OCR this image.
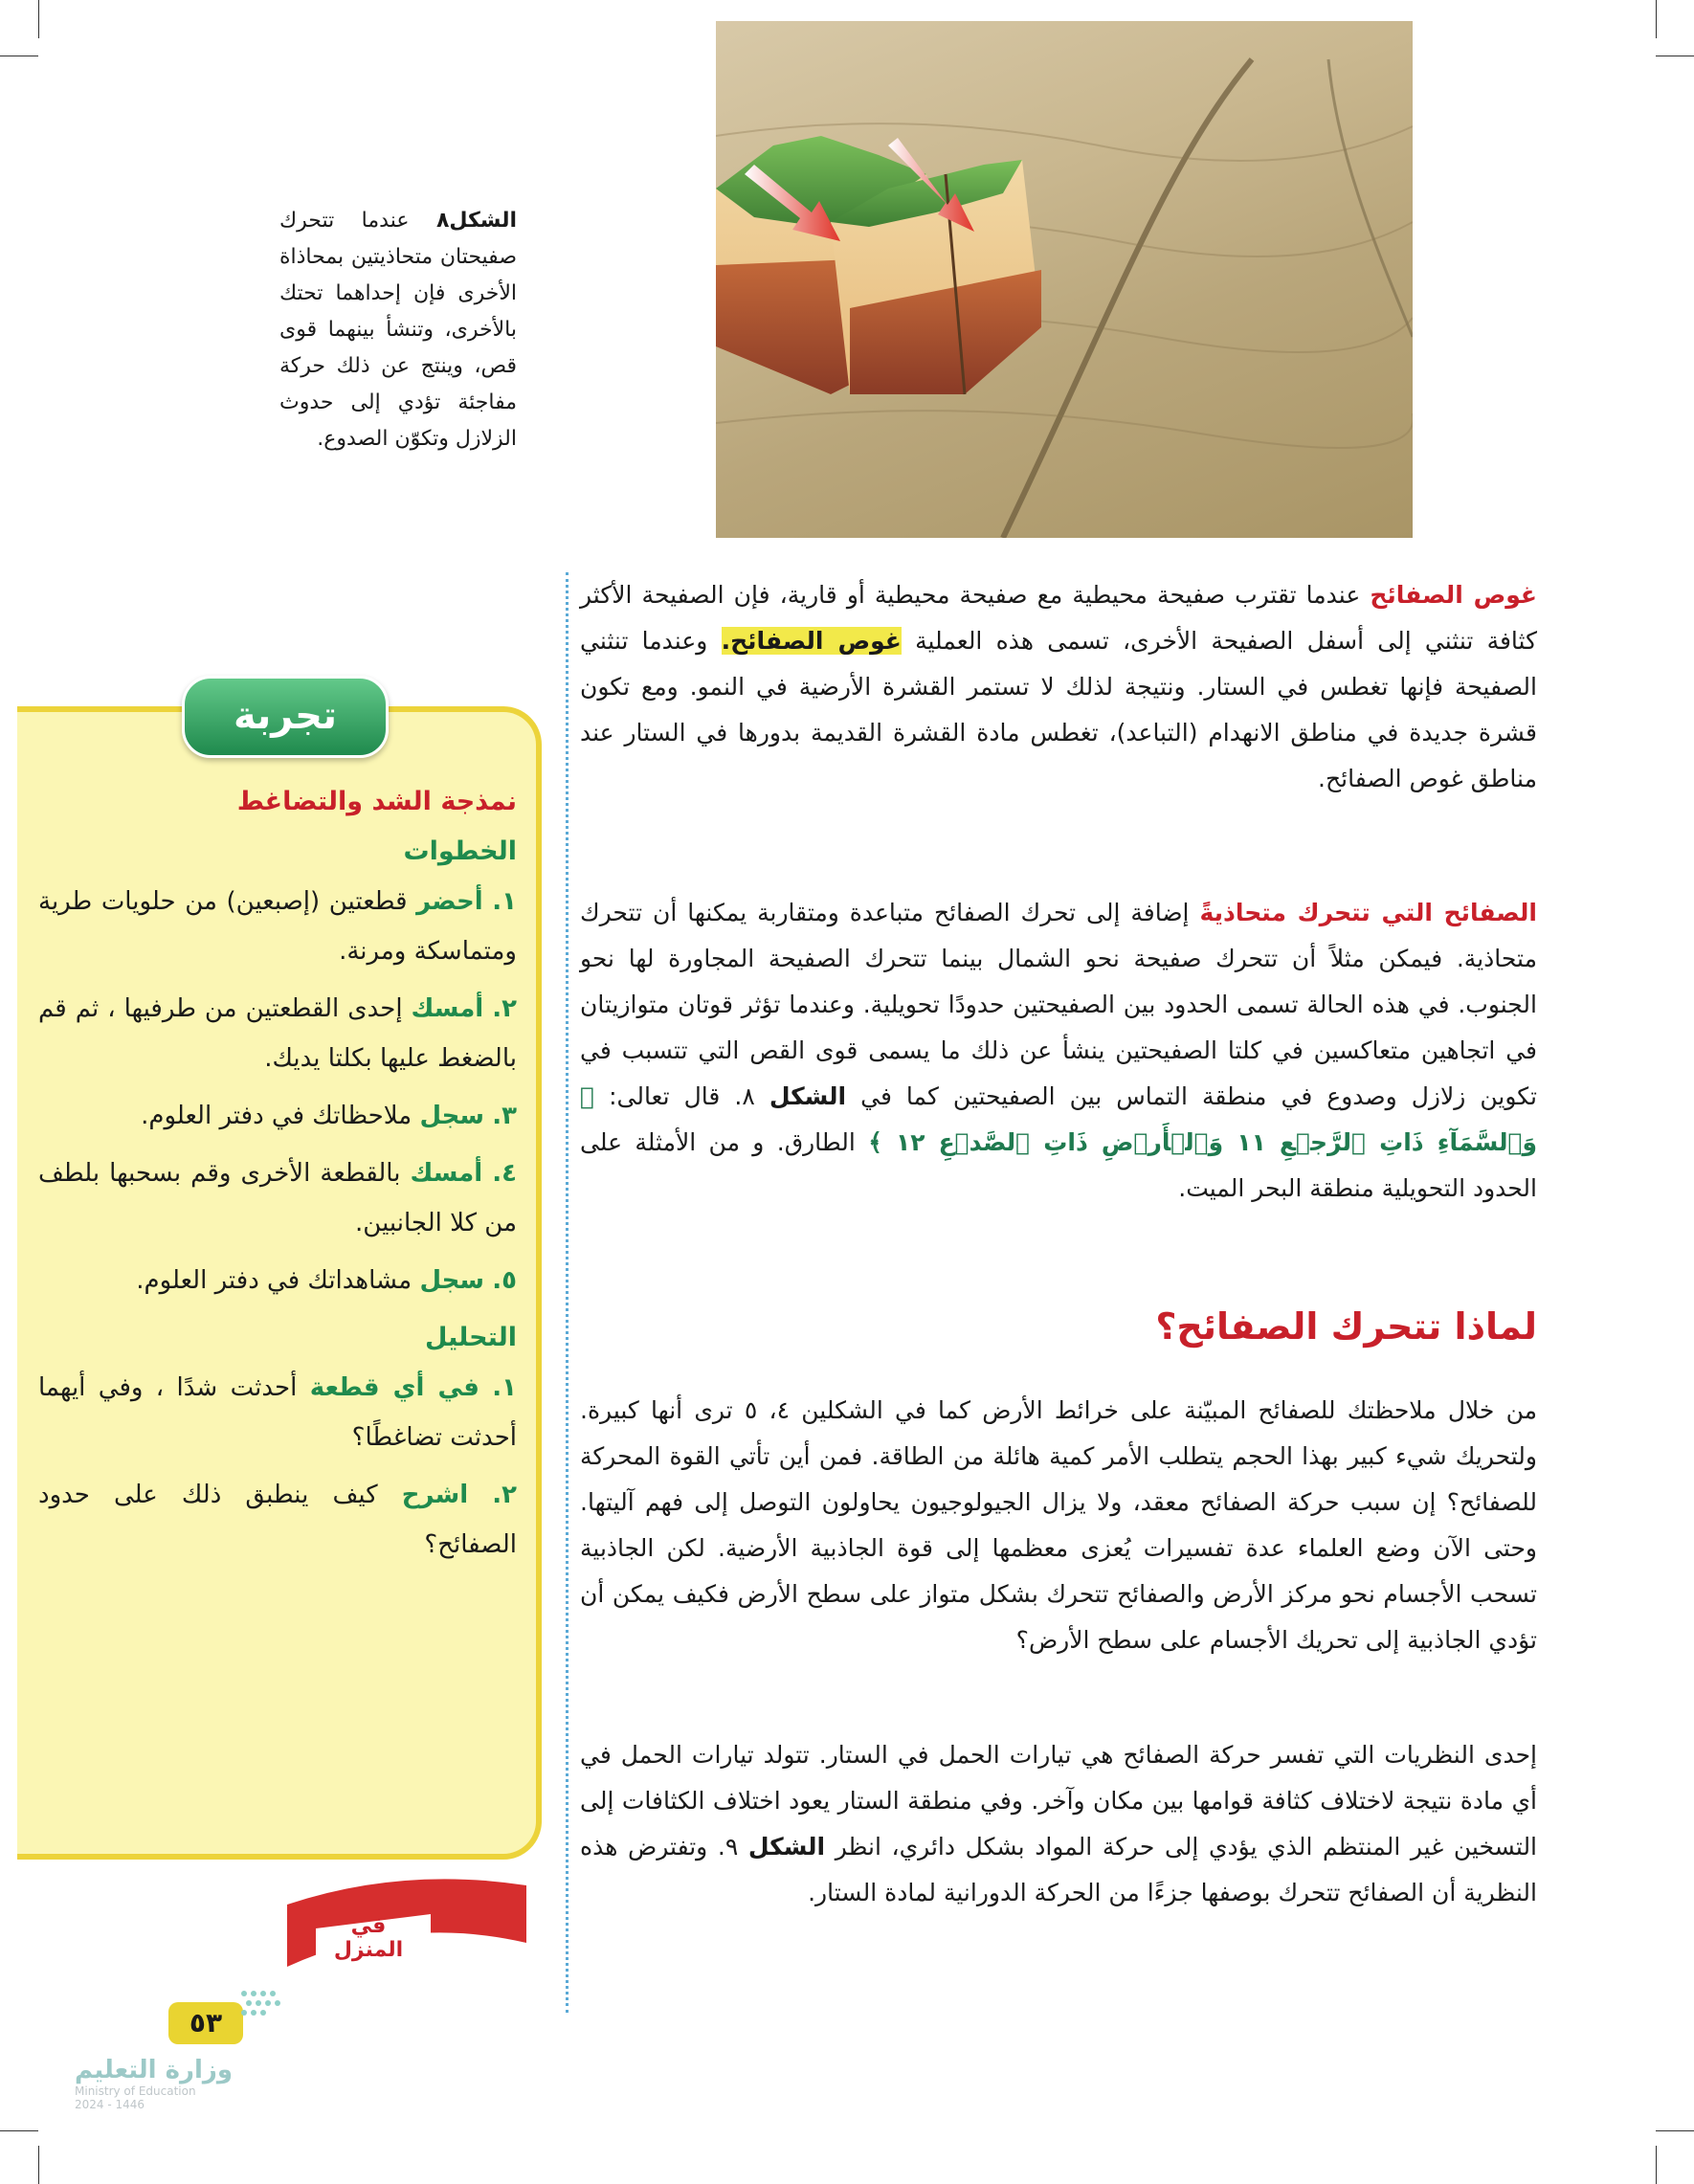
الشكل٨ عندما تتحرك صفيحتان متحاذيتين بمحاذاة الأخرى فإن إحداهما تحتك بالأخرى، وتنشأ بينهما قوى قص، وينتج عن ذلك حركة مفاجئة تؤدي إلى حدوث الزلازل وتكوّن الصدوع.
غوص الصفائح عندما تقترب صفيحة محيطية مع صفيحة محيطية أو قارية، فإن الصفيحة الأكثر كثافة تنثني إلى أسفل الصفيحة الأخرى، تسمى هذه العملية غوص الصفائح. وعندما تنثني الصفيحة فإنها تغطس في الستار. ونتيجة لذلك لا تستمر القشرة الأرضية في النمو. ومع تكون قشرة جديدة في مناطق الانهدام (التباعد)، تغطس مادة القشرة القديمة بدورها في الستار عند مناطق غوص الصفائح.
الصفائح التي تتحرك متحاذيةً إضافة إلى تحرك الصفائح متباعدة ومتقاربة يمكنها أن تتحرك متحاذية. فيمكن مثلاً أن تتحرك صفيحة نحو الشمال بينما تتحرك الصفيحة المجاورة لها نحو الجنوب. في هذه الحالة تسمى الحدود بين الصفيحتين حدودًا تحويلية. وعندما تؤثر قوتان متوازيتان في اتجاهين متعاكسين في كلتا الصفيحتين ينشأ عن ذلك ما يسمى قوى القص التي تتسبب في تكوين زلازل وصدوع في منطقة التماس بين الصفيحتين كما في الشكل ٨. قال تعالى: ﴿ وَٱلسَّمَآءِ ذَاتِ ٱلرَّجۡعِ ١١ وَٱلۡأَرۡضِ ذَاتِ ٱلصَّدۡعِ ١٢ ﴾ الطارق. و من الأمثلة على الحدود التحويلية منطقة البحر الميت.
لماذا تتحرك الصفائح؟
من خلال ملاحظتك للصفائح المبيّنة على خرائط الأرض كما في الشكلين ٤، ٥ ترى أنها كبيرة. ولتحريك شيء كبير بهذا الحجم يتطلب الأمر كمية هائلة من الطاقة. فمن أين تأتي القوة المحركة للصفائح؟ إن سبب حركة الصفائح معقد، ولا يزال الجيولوجيون يحاولون التوصل إلى فهم آليتها. وحتى الآن وضع العلماء عدة تفسيرات يُعزى معظمها إلى قوة الجاذبية الأرضية. لكن الجاذبية تسحب الأجسام نحو مركز الأرض والصفائح تتحرك بشكل متواز على سطح الأرض فكيف يمكن أن تؤدي الجاذبية إلى تحريك الأجسام على سطح الأرض؟
إحدى النظريات التي تفسر حركة الصفائح هي تيارات الحمل في الستار. تتولد تيارات الحمل في أي مادة نتيجة لاختلاف كثافة قوامها بين مكان وآخر. وفي منطقة الستار يعود اختلاف الكثافات إلى التسخين غير المنتظم الذي يؤدي إلى حركة المواد بشكل دائري، انظر الشكل ٩. وتفترض هذه النظرية أن الصفائح تتحرك بوصفها جزءًا من الحركة الدورانية لمادة الستار.
تجربة
نمذجة الشد والتضاغط
الخطوات
١. أحضر قطعتين (إصبعين) من حلويات طرية ومتماسكة ومرنة.
٢. أمسك إحدى القطعتين من طرفيها ، ثم قم بالضغط عليها بكلتا يديك.
٣. سجل ملاحظاتك في دفتر العلوم.
٤. أمسك بالقطعة الأخرى وقم بسحبها بلطف من كلا الجانبين.
٥. سجل مشاهداتك في دفتر العلوم.
التحليل
١. في أي قطعة أحدثت شدًا ، وفي أيهما أحدثت تضاغطًا؟
٢. اشرح كيف ينطبق ذلك على حدود الصفائح؟
في المنزل
٥٣
وزارة التعليم
Ministry of Education
2024 - 1446
